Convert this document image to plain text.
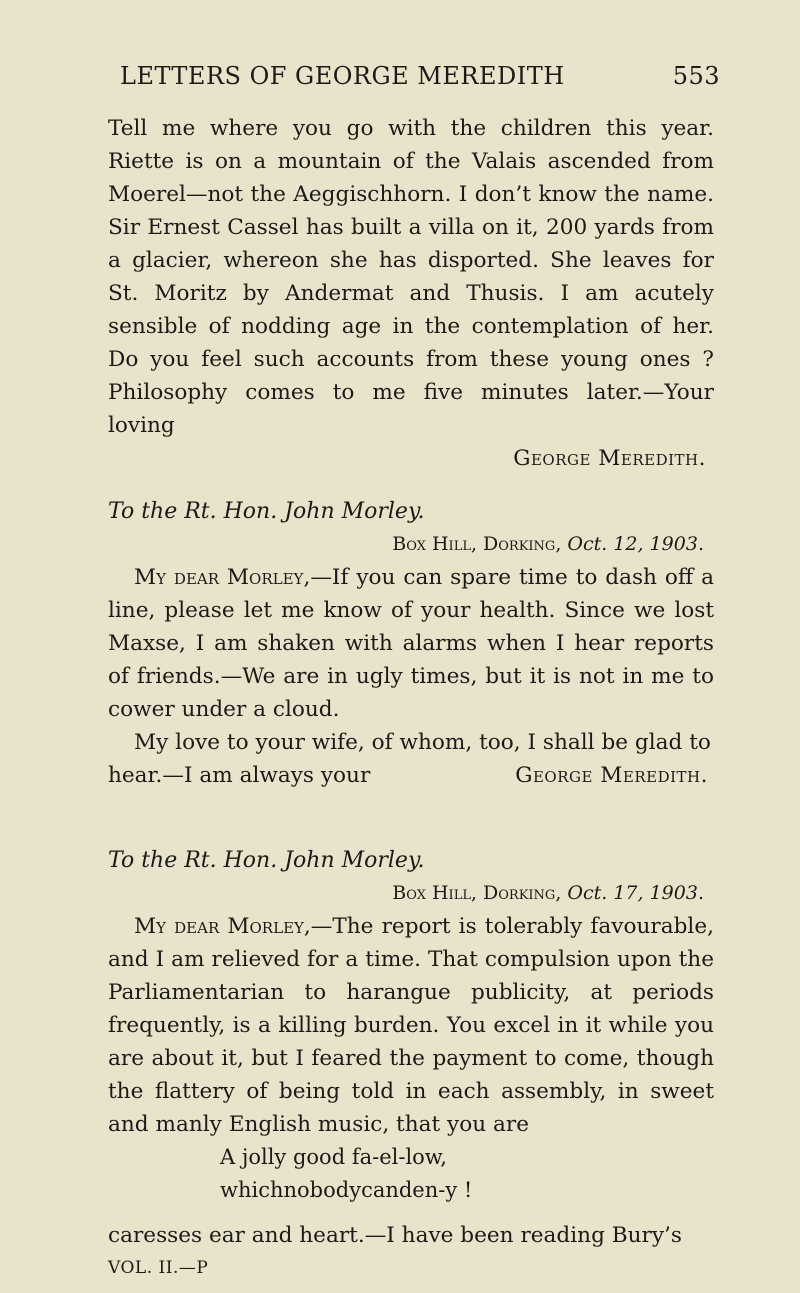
LETTERS OF GEORGE MEREDITH	553

Tell me where you go with the children this year. Riette is on a mountain of the Valais ascended from Moerel—not the Aeggischhorn. I don’t know the name. Sir Ernest Cassel has built a villa on it, 200 yards from a glacier, whereon she has disported. She leaves for St. Moritz by Andermat and Thusis. I am acutely sensible of nodding age in the contemplation of her. Do you feel such accounts from these young ones ? Philosophy comes to me five minutes later.—Your loving

George Meredith.

To the Rt. Hon. John Morley.

Box Hill, Dorking, Oct. 12, 1903.

My dear Morley,—If you can spare time to dash off a line, please let me know of your health. Since we lost Maxse, I am shaken with alarms when I hear reports of friends.—We are in ugly times, but it is not in me to cower under a cloud.

My love to your wife, of whom, too, I shall be glad to

hear.—I am always your	George Meredith.

To the Rt. Hon. John Morley.

Box Hill, Dorking, Oct. 17, 1903.

My dear Morley,—The report is tolerably favourable, and I am relieved for a time. That compulsion upon the Parliamentarian to harangue publicity, at periods frequently, is a killing burden. You excel in it while you are about it, but I feared the payment to come, though the flattery of being told in each assembly, in sweet and manly English music, that you are

A jolly good fa-el-low,

whichnobodycanden-y !

caresses ear and heart.—I have been reading Bury’s

VOL. II.—P
